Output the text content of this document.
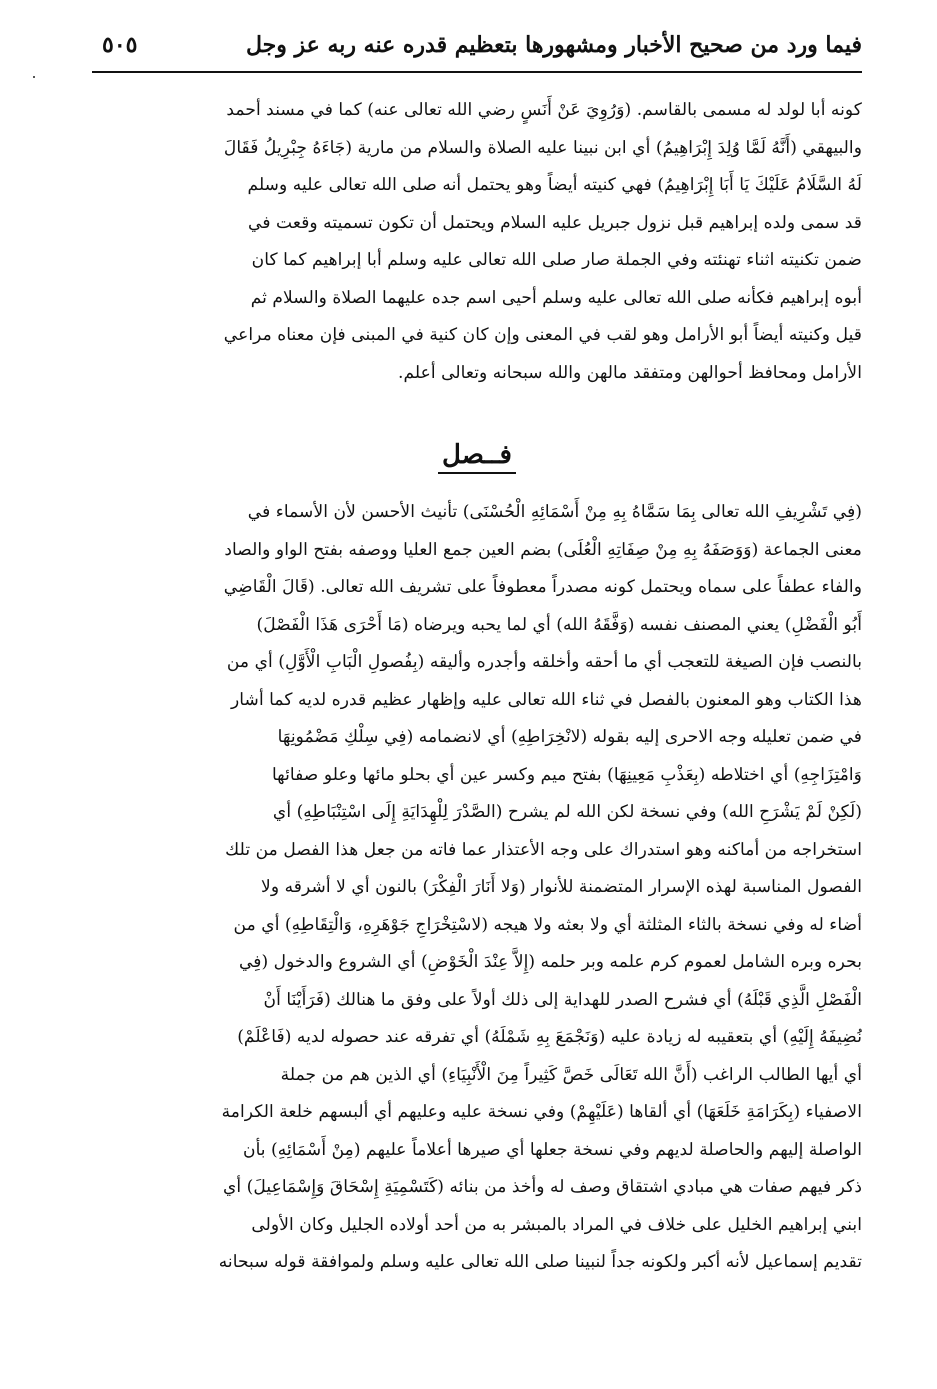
فيما ورد من صحيح الأخبار ومشهورها بتعظيم قدره عنه ربه عز وجل
٥٠٥
كونه أبا لولد له مسمى بالقاسم. (وَرُوِيَ عَنْ أَنَسٍ رضي الله تعالى عنه) كما في مسند أحمد
والبيهقي (أَنَّهُ لَمَّا وُلِدَ إِبْرَاهِيمُ) أي ابن نبينا عليه الصلاة والسلام من مارية (جَاءَهُ جِبْرِيلُ فَقَالَ
لَهُ السَّلَامُ عَلَيْكَ يَا أَبَا إِبْرَاهِيمُ) فهي كنيته أيضاً وهو يحتمل أنه صلى الله تعالى عليه وسلم
قد سمى ولده إبراهيم قبل نزول جبريل عليه السلام ويحتمل أن تكون تسميته وقعت في
ضمن تكنيته اثناء تهنئته وفي الجملة صار صلى الله تعالى عليه وسلم أبا إبراهيم كما كان
أبوه إبراهيم فكأنه صلى الله تعالى عليه وسلم أحيى اسم جده عليهما الصلاة والسلام ثم
قيل وكنيته أيضاً أبو الأرامل وهو لقب في المعنى وإن كان كنية في المبنى فإن معناه مراعي
الأرامل ومحافظ أحوالهن ومتفقد مالهن والله سبحانه وتعالى أعلم.
فــصل
(فِي تَشْرِيفِ الله تعالى بِمَا سَمَّاهُ بِهِ مِنْ أَسْمَائِهِ الْحُسْنَى) تأنيث الأحسن لأن الأسماء في
معنى الجماعة (وَوَصَفَهُ بِهِ مِنْ صِفَاتِهِ الْعُلَى) بضم العين جمع العليا ووصفه بفتح الواو والصاد
والفاء عطفاً على سماه ويحتمل كونه مصدراً معطوفاً على تشريف الله تعالى. (قَالَ الْقَاضِي
أَبُو الْفَضْلِ) يعني المصنف نفسه (وَفَّقَهُ الله) أي لما يحبه ويرضاه (مَا أَحْرَى هَذَا الْفَصْلَ)
بالنصب فإن الصيغة للتعجب أي ما أحقه وأخلقه وأجدره وأليقه (بِفُصولِ الْبَابِ الْأَوَّلِ) أي من
هذا الكتاب وهو المعنون بالفصل في ثناء الله تعالى عليه وإظهار عظيم قدره لديه كما أشار
في ضمن تعليله وجه الاحرى إليه بقوله (لانْخِرَاطِهِ) أي لانضمامه (فِي سِلْكِ مَضْمُونِهَا
وَامْتِزَاجِهِ) أي اختلاطه (بِعَذْبِ مَعِينِهَا) بفتح ميم وكسر عين أي بحلو مائها وعلو صفائها
(لَكِنْ لَمْ يَشْرَحِ الله) وفي نسخة لكن الله لم يشرح (الصَّدْرَ لِلْهِدَايَةِ إِلَى اسْتِنْبَاطِهِ) أي
استخراجه من أماكنه وهو استدراك على وجه الأعتذار عما فاته من جعل هذا الفصل من تلك
الفصول المناسبة لهذه الإسرار المتضمنة للأنوار (وَلا أَنَارَ الْفِكْرَ) بالنون أي لا أشرقه ولا
أضاء له وفي نسخة بالثاء المثلثة أي ولا بعثه ولا هيجه (لاسْتِخْرَاجِ جَوْهَرِهِ، وَالْتِقَاطِهِ) أي من
بحره وبره الشامل لعموم كرم علمه وبر حلمه (إِلاَّ عِنْدَ الْخَوْضِ) أي الشروع والدخول (فِي
الْفَصْلِ الَّذِي قَبْلَهُ) أي فشرح الصدر للهداية إلى ذلك أولاً على وفق ما هنالك (فَرَأَيْنَا أَنْ
نُضِيفَهُ إِلَيْهِ) أي بتعقيبه له زيادة عليه (وَنَجْمَعَ بِهِ شَمْلَهُ) أي تفرقه عند حصوله لديه (فَاعْلَمْ)
أي أيها الطالب الراغب (أَنَّ الله تَعَالَى خَصَّ كَثِيراً مِنَ الْأَنْبِيَاءِ) أي الذين هم من جملة
الاصفياء (بِكَرَامَةِ خَلَعَهَا) أي ألقاها (عَلَيْهِمْ) وفي نسخة عليه وعليهم أي ألبسهم خلعة الكرامة
الواصلة إليهم والحاصلة لديهم وفي نسخة جعلها أي صيرها أعلاماً عليهم (مِنْ أَسْمَائِهِ) بأن
ذكر فيهم صفات هي مبادي اشتقاق وصف له وأخذ من بنائه (كَتَسْمِيَةِ إِسْحَاقَ وَإِسْمَاعِيلَ) أي
ابني إبراهيم الخليل على خلاف في المراد بالمبشر به من أحد أولاده الجليل وكان الأولى
تقديم إسماعيل لأنه أكبر ولكونه جداً لنبينا صلى الله تعالى عليه وسلم ولموافقة قوله سبحانه
